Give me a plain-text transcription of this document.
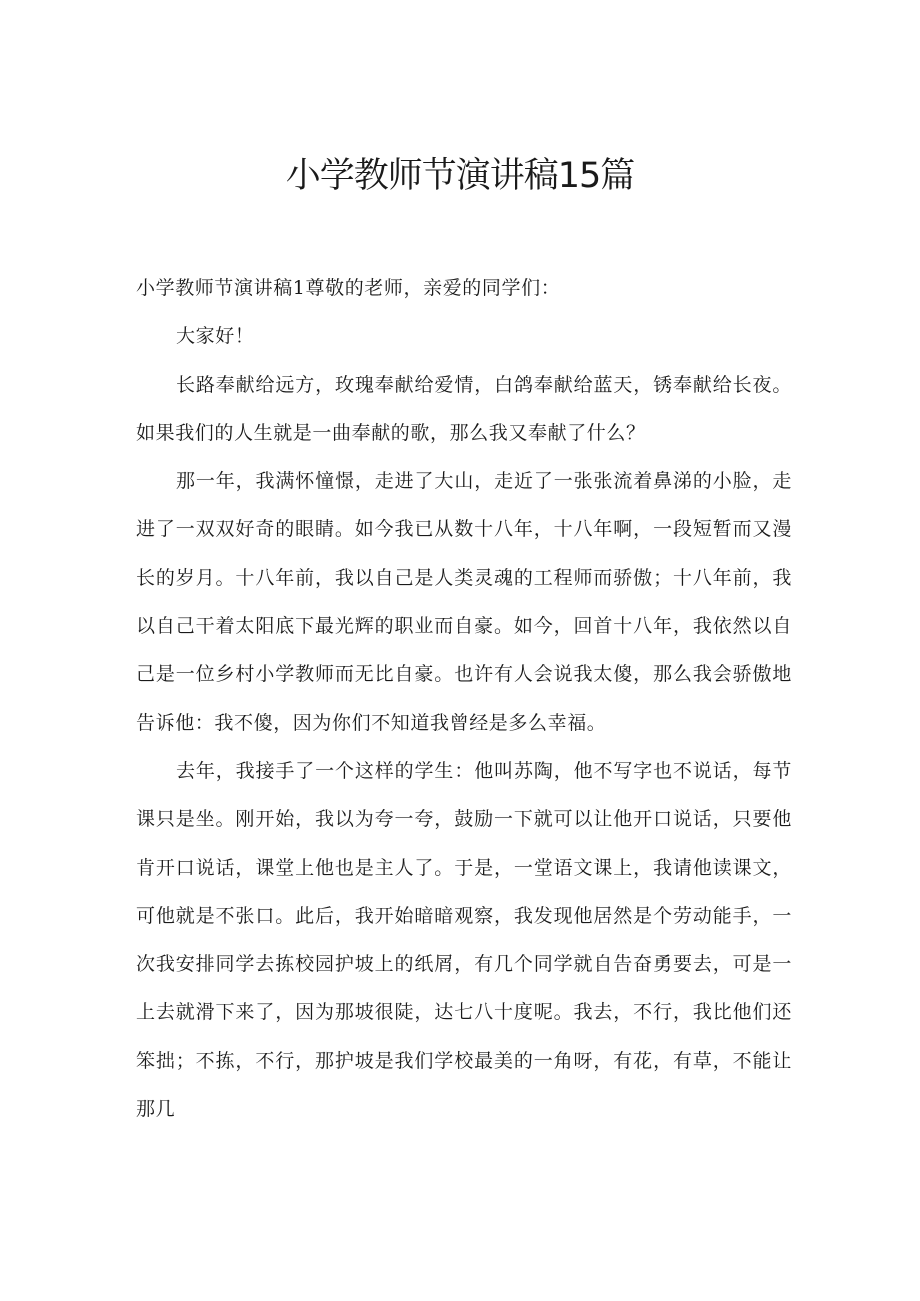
小学教师节演讲稿15篇

小学教师节演讲稿1尊敬的老师，亲爱的同学们：

大家好！

长路奉献给远方，玫瑰奉献给爱情，白鸽奉献给蓝天，锈奉献给长夜。如果我们的人生就是一曲奉献的歌，那么我又奉献了什么？

那一年，我满怀憧憬，走进了大山，走近了一张张流着鼻涕的小脸，走进了一双双好奇的眼睛。如今我已从数十八年，十八年啊，一段短暂而又漫长的岁月。十八年前，我以自己是人类灵魂的工程师而骄傲；十八年前，我以自己干着太阳底下最光辉的职业而自豪。如今，回首十八年，我依然以自己是一位乡村小学教师而无比自豪。也许有人会说我太傻，那么我会骄傲地告诉他：我不傻，因为你们不知道我曾经是多么幸福。

去年，我接手了一个这样的学生：他叫苏陶，他不写字也不说话，每节课只是坐。刚开始，我以为夸一夸，鼓励一下就可以让他开口说话，只要他肯开口说话，课堂上他也是主人了。于是，一堂语文课上，我请他读课文，可他就是不张口。此后，我开始暗暗观察，我发现他居然是个劳动能手，一次我安排同学去拣校园护坡上的纸屑，有几个同学就自告奋勇要去，可是一上去就滑下来了，因为那坡很陡，达七八十度呢。我去，不行，我比他们还笨拙；不拣，不行，那护坡是我们学校最美的一角呀，有花，有草，不能让那几
